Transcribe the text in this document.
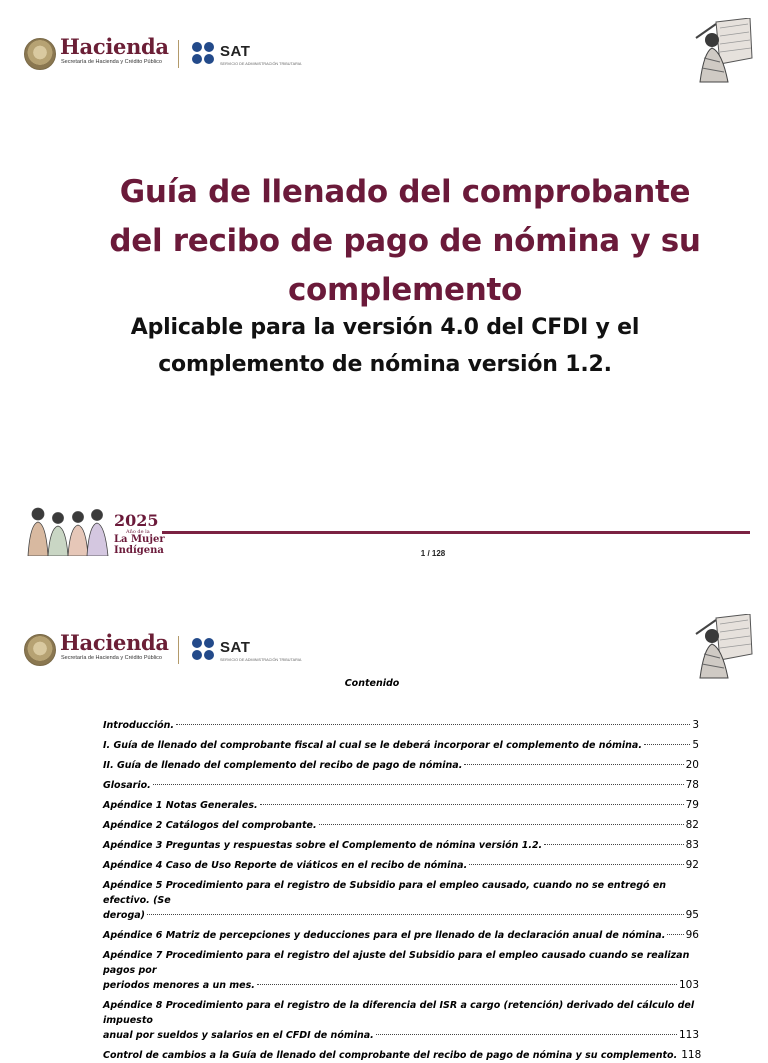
Hacienda
Secretaría de Hacienda y Crédito Público
SAT
SERVICIO DE ADMINISTRACIÓN TRIBUTARIA
Guía de llenado del comprobante
del recibo de pago de nómina y su
complemento
Aplicable para la versión 4.0 del CFDI y el
complemento de nómina versión 1.2.
2025
Año de la
La Mujer
Indígena	1 / 128
Hacienda
Secretaría de Hacienda y Crédito Público
SAT
SERVICIO DE ADMINISTRACIÓN TRIBUTARIA
Contenido
Introducción.	3
I. Guía de llenado del comprobante fiscal al cual se le deberá incorporar el complemento de nómina.	5
II. Guía de llenado del complemento del recibo de pago de nómina.	20
Glosario.	78
Apéndice 1 Notas Generales.	79
Apéndice 2 Catálogos del comprobante.	82
Apéndice 3 Preguntas y respuestas sobre el Complemento de nómina versión 1.2.	83
Apéndice 4 Caso de Uso Reporte de viáticos en el recibo de nómina.	92
Apéndice 5 Procedimiento para el registro de Subsidio para el empleo causado, cuando no se entregó en efectivo. (Se
deroga)	95
Apéndice 6 Matriz de percepciones y deducciones para el pre llenado de la declaración anual de nómina. 96
Apéndice 7 Procedimiento para el registro del ajuste del Subsidio para el empleo causado cuando se realizan pagos por
periodos menores a un mes.	103
Apéndice 8 Procedimiento para el registro de la diferencia del ISR a cargo (retención) derivado del cálculo del impuesto
anual por sueldos y salarios en el CFDI de nómina.	113
Control de cambios a la Guía de llenado del comprobante del recibo de pago de nómina y su complemento. 118
